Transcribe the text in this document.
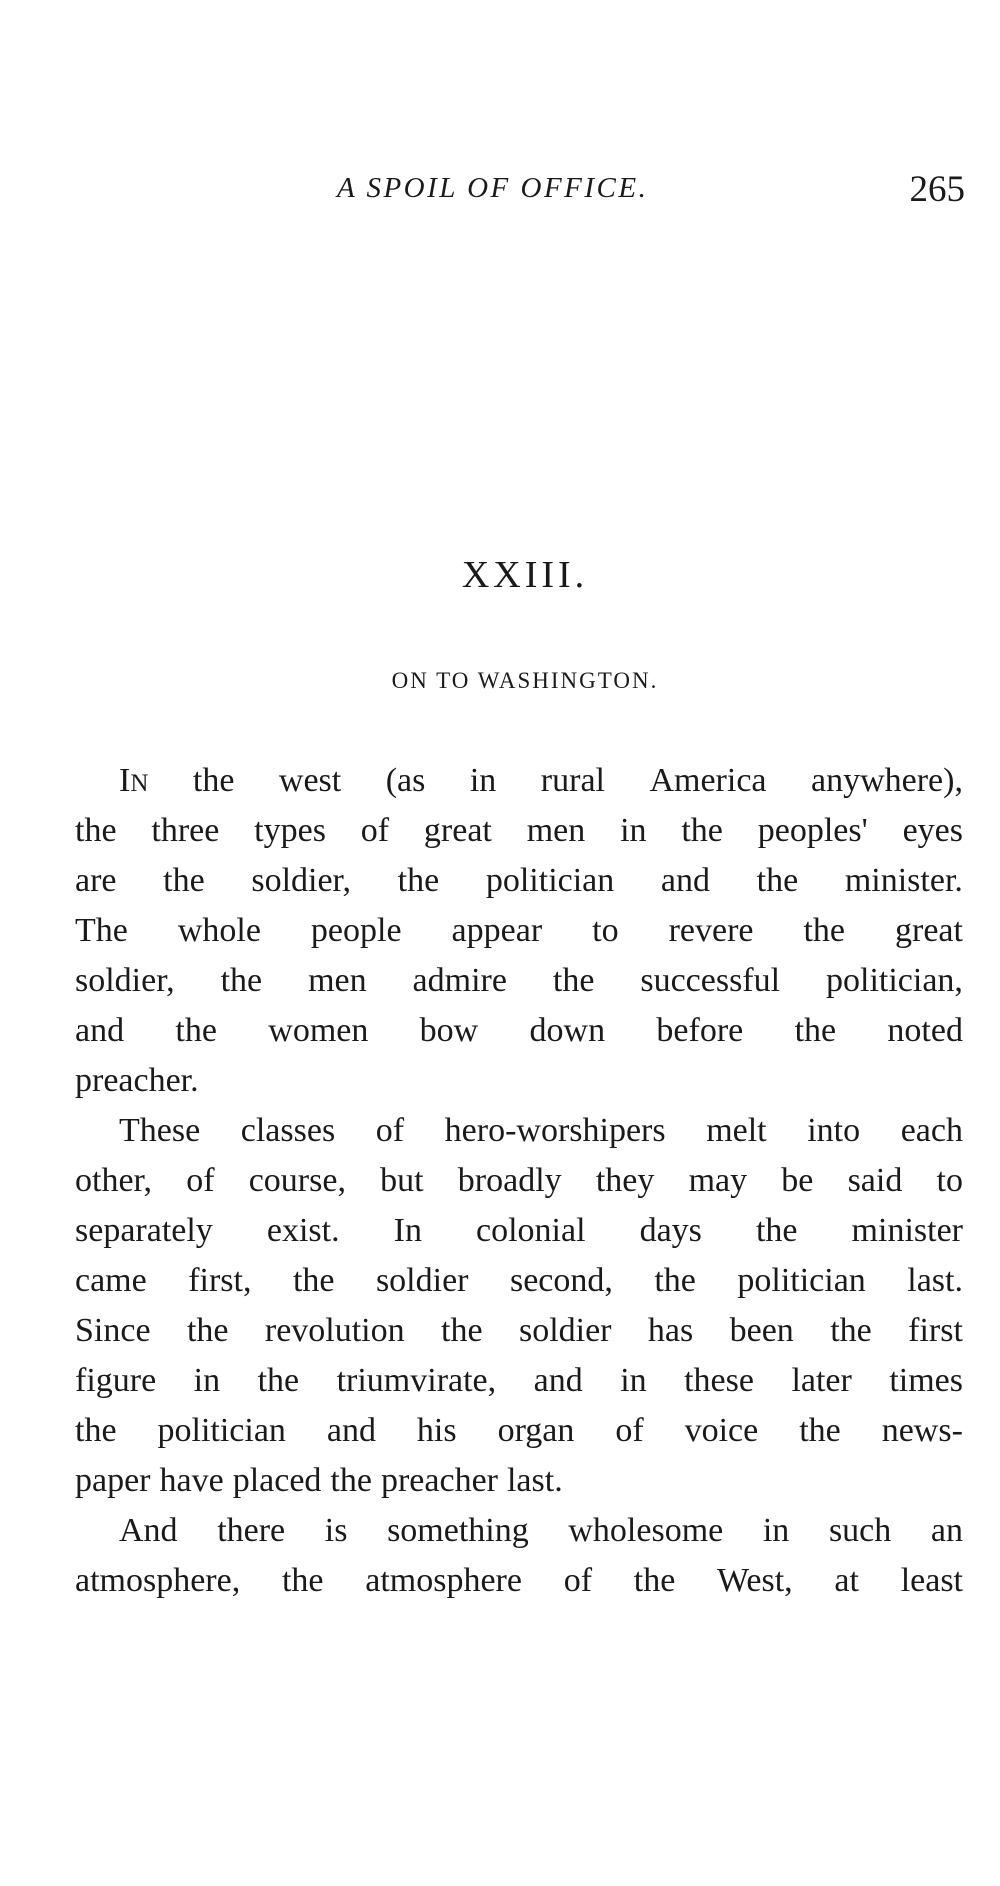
A SPOIL OF OFFICE.	265
XXIII.
ON TO WASHINGTON.
IN the west (as in rural America anywhere),
the three types of great men in the peoples' eyes
are the soldier, the politician and the minister.
The whole people appear to revere the great
soldier, the men admire the successful politician,
and the women bow down before the noted
preacher.
These classes of hero-worshipers melt into each
other, of course, but broadly they may be said to
separately exist. In colonial days the minister
came first, the soldier second, the politician last.
Since the revolution the soldier has been the first
figure in the triumvirate, and in these later times
the politician and his organ of voice the news-
paper have placed the preacher last.
And there is something wholesome in such an
atmosphere, the atmosphere of the West, at least
